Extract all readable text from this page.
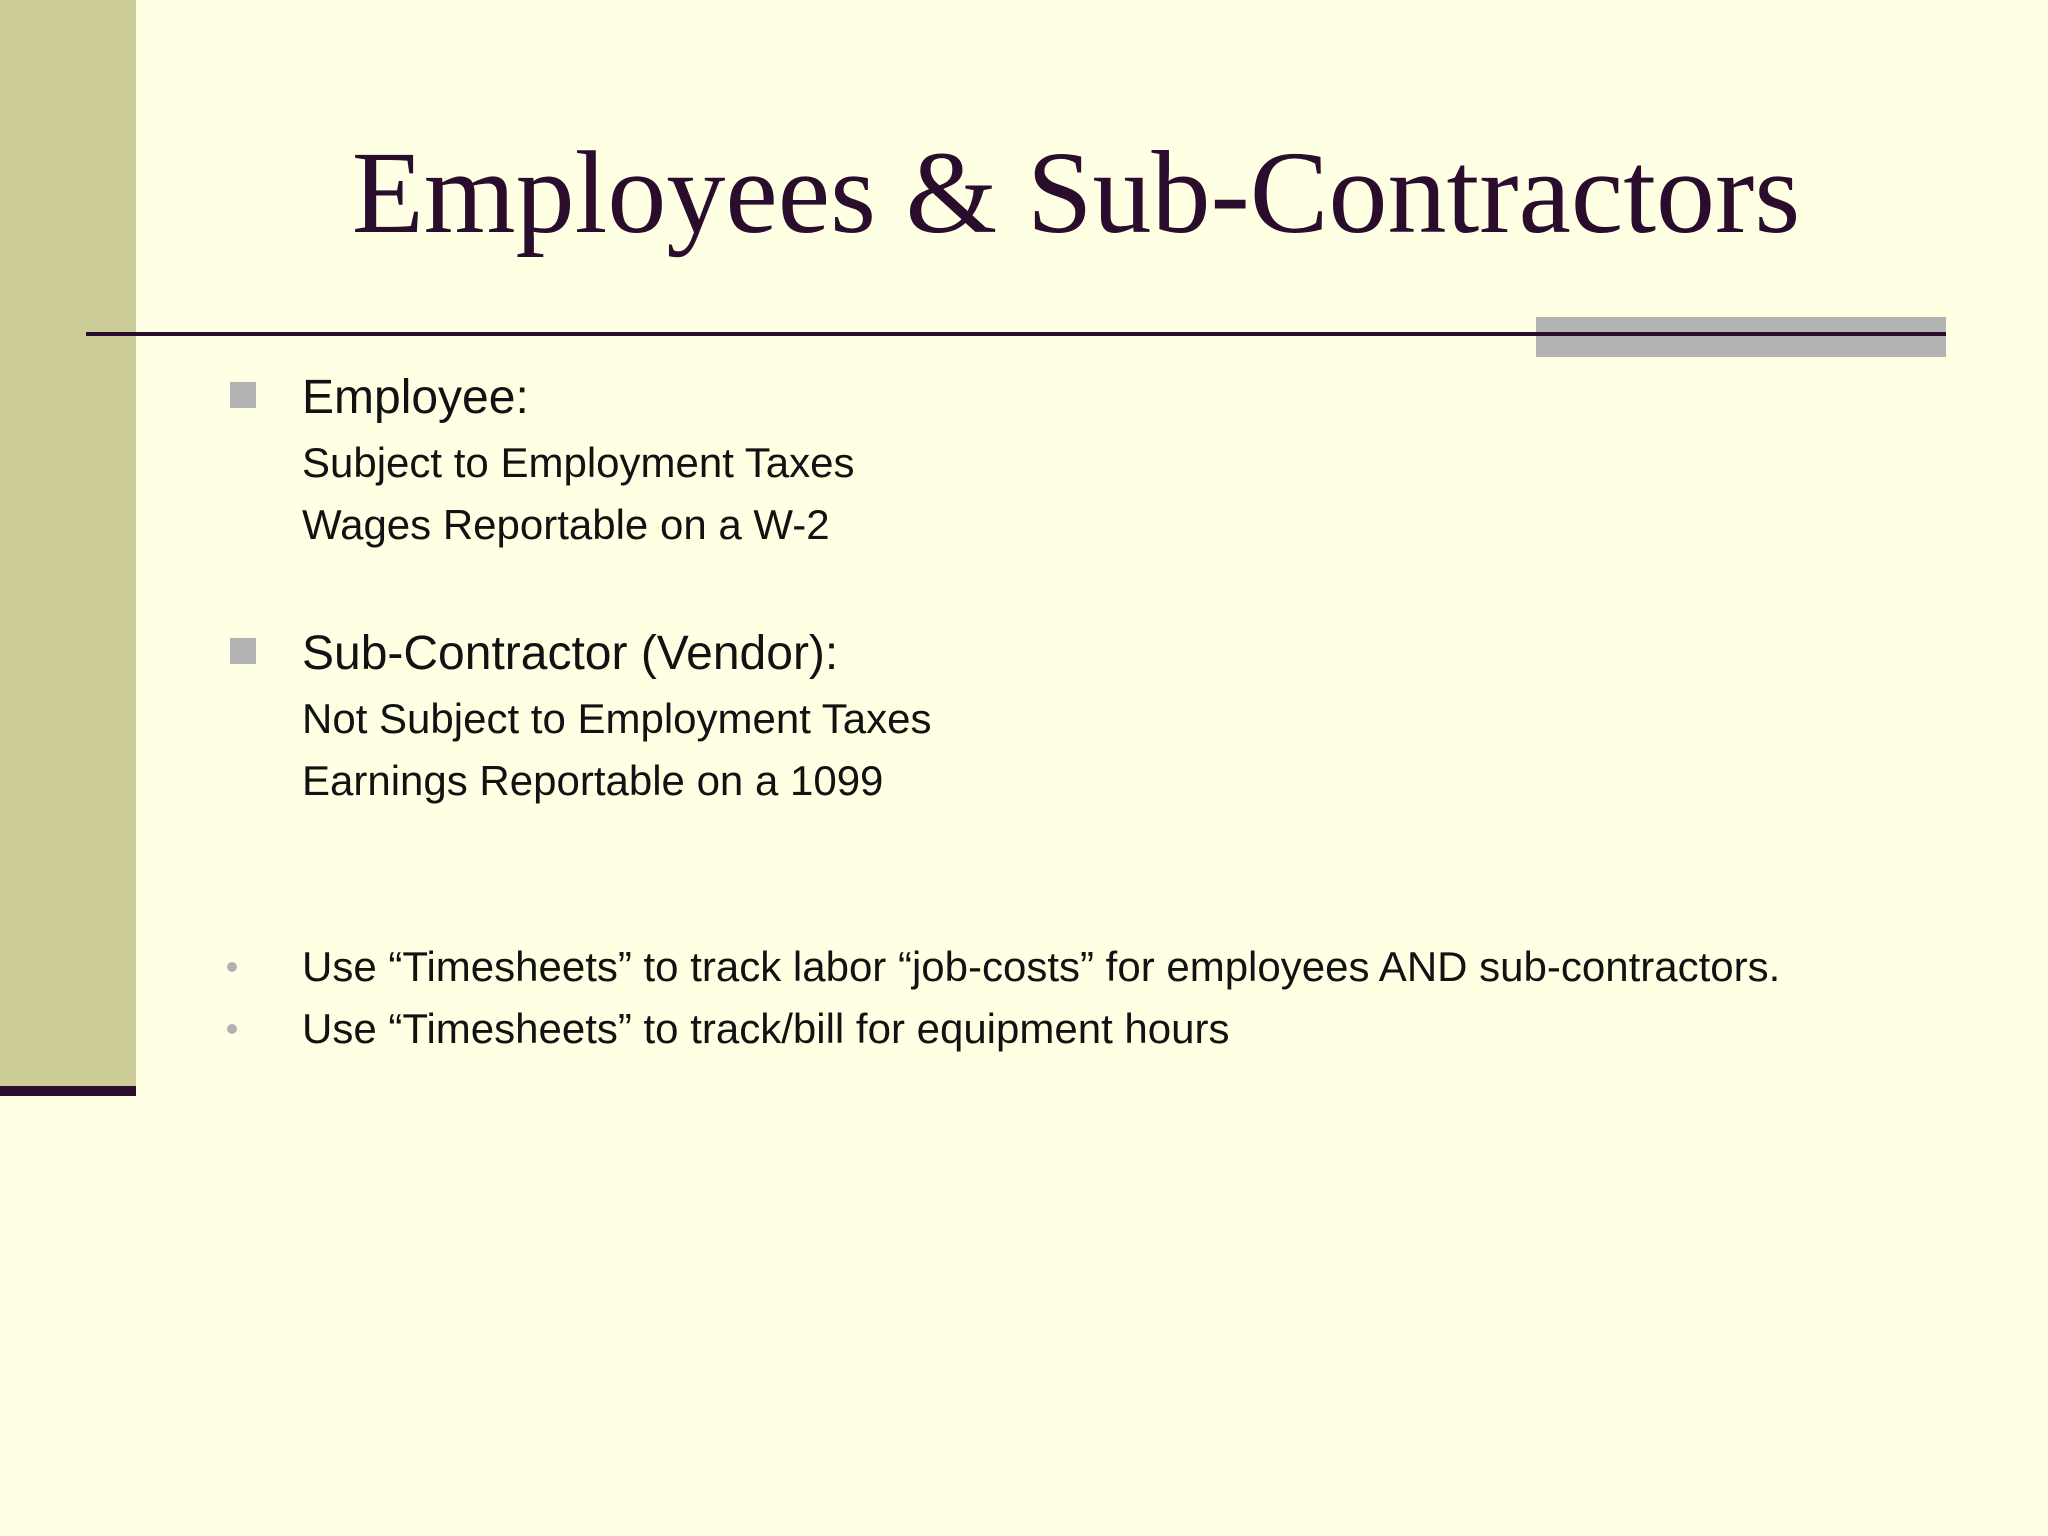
Employees & Sub-Contractors

Employee:

Subject to Employment Taxes

Wages Reportable on a W-2

Sub-Contractor (Vendor):

Not Subject to Employment Taxes

Earnings Reportable on a 1099

Use “Timesheets” to track labor “job-costs” for employees AND sub-contractors.

Use “Timesheets” to track/bill for equipment hours
